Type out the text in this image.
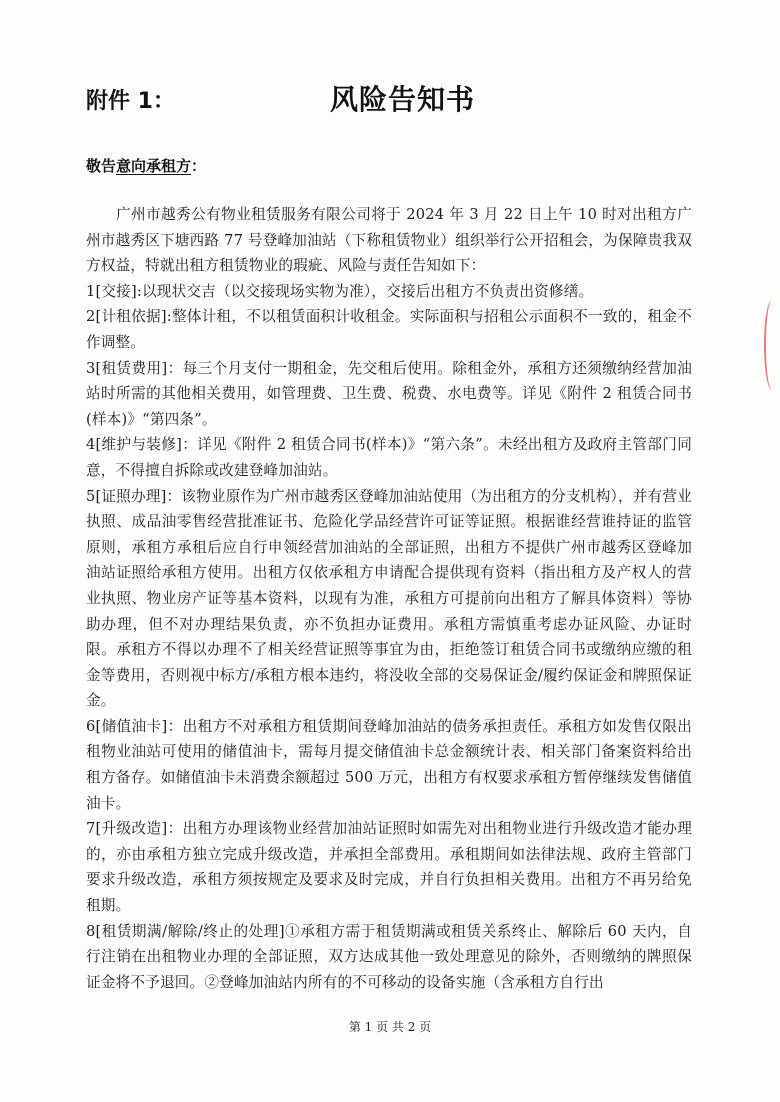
附件 1：	风险告知书
敬告意向承租方：

广州市越秀公有物业租赁服务有限公司将于 2024 年 3 月 22 日上午 10 时对出租方广州市越秀区下塘西路 77 号登峰加油站（下称租赁物业）组织举行公开招租会，为保障贵我双方权益，特就出租方租赁物业的瑕疵、风险与责任告知如下：

1[交接]:以现状交吉（以交接现场实物为准），交接后出租方不负责出资修缮。

2[计租依据]:整体计租，不以租赁面积计收租金。实际面积与招租公示面积不一致的，租金不作调整。

3[租赁费用]：每三个月支付一期租金，先交租后使用。除租金外，承租方还须缴纳经营加油站时所需的其他相关费用，如管理费、卫生费、税费、水电费等。详见《附件 2 租赁合同书(样本)》“第四条”。

4[维护与装修]：详见《附件 2 租赁合同书(样本)》“第六条”。未经出租方及政府主管部门同意，不得擅自拆除或改建登峰加油站。

5[证照办理]：该物业原作为广州市越秀区登峰加油站使用（为出租方的分支机构），并有营业执照、成品油零售经营批准证书、危险化学品经营许可证等证照。根据谁经营谁持证的监管原则，承租方承租后应自行申领经营加油站的全部证照，出租方不提供广州市越秀区登峰加油站证照给承租方使用。出租方仅依承租方申请配合提供现有资料（指出租方及产权人的营业执照、物业房产证等基本资料，以现有为准，承租方可提前向出租方了解具体资料）等协助办理，但不对办理结果负责，亦不负担办证费用。承租方需慎重考虑办证风险、办证时限。承租方不得以办理不了相关经营证照等事宜为由，拒绝签订租赁合同书或缴纳应缴的租金等费用，否则视中标方/承租方根本违约，将没收全部的交易保证金/履约保证金和牌照保证金。

6[储值油卡]：出租方不对承租方租赁期间登峰加油站的债务承担责任。承租方如发售仅限出租物业油站可使用的储值油卡，需每月提交储值油卡总金额统计表、相关部门备案资料给出租方备存。如储值油卡未消费余额超过 500 万元，出租方有权要求承租方暂停继续发售储值油卡。

7[升级改造]：出租方办理该物业经营加油站证照时如需先对出租物业进行升级改造才能办理的，亦由承租方独立完成升级改造，并承担全部费用。承租期间如法律法规、政府主管部门要求升级改造，承租方须按规定及要求及时完成，并自行负担相关费用。出租方不再另给免租期。

8[租赁期满/解除/终止的处理]①承租方需于租赁期满或租赁关系终止、解除后 60 天内，自行注销在出租物业办理的全部证照，双方达成其他一致处理意见的除外，否则缴纳的牌照保证金将不予退回。②登峰加油站内所有的不可移动的设备实施（含承租方自行出

第 1 页 共 2 页
